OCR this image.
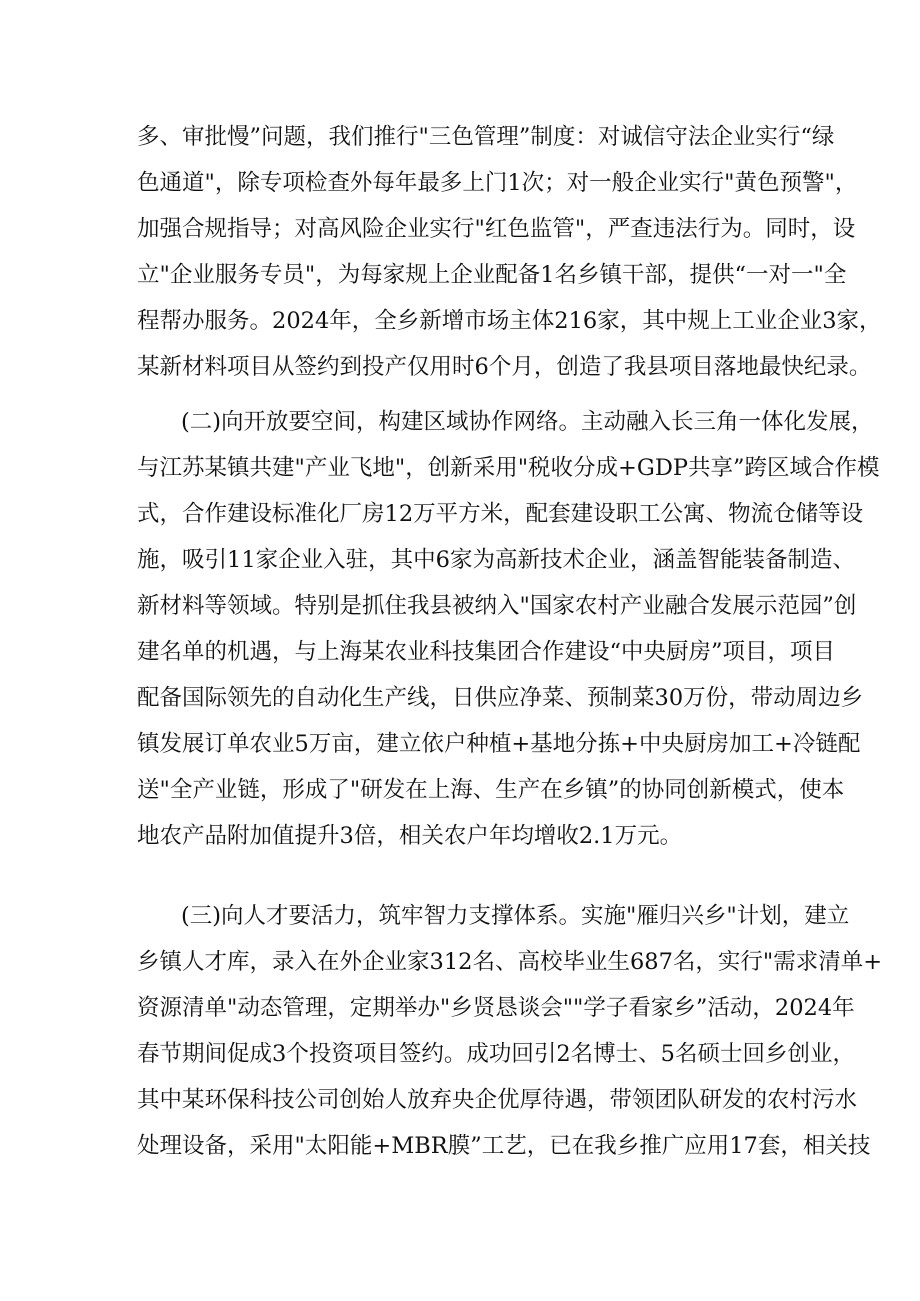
多、审批慢”问题，我们推行"三色管理”制度：对诚信守法企业实行“绿
色通道"，除专项检查外每年最多上门1次；对一般企业实行"黄色预警"，
加强合规指导；对高风险企业实行"红色监管"，严查违法行为。同时，设
立"企业服务专员"，为每家规上企业配备1名乡镇干部，提供“一对一"全
程帮办服务。2024年，全乡新增市场主体216家，其中规上工业企业3家，
某新材料项目从签约到投产仅用时6个月，创造了我县项目落地最快纪录。
(二)向开放要空间，构建区域协作网络。主动融入长三角一体化发展，
与江苏某镇共建"产业飞地"，创新采用"税收分成+GDP共享”跨区域合作模
式，合作建设标准化厂房12万平方米，配套建设职工公寓、物流仓储等设
施，吸引11家企业入驻，其中6家为高新技术企业，涵盖智能装备制造、
新材料等领域。特别是抓住我县被纳入"国家农村产业融合发展示范园”创
建名单的机遇，与上海某农业科技集团合作建设“中央厨房”项目，项目
配备国际领先的自动化生产线，日供应净菜、预制菜30万份，带动周边乡
镇发展订单农业5万亩，建立依户种植+基地分拣+中央厨房加工+冷链配
送"全产业链，形成了"研发在上海、生产在乡镇”的协同创新模式，使本
地农产品附加值提升3倍，相关农户年均增收2.1万元。
(三)向人才要活力，筑牢智力支撑体系。实施"雁归兴乡"计划，建立
乡镇人才库，录入在外企业家312名、高校毕业生687名，实行"需求清单+
资源清单"动态管理，定期举办"乡贤恳谈会""学子看家乡”活动，2024年
春节期间促成3个投资项目签约。成功回引2名博士、5名硕士回乡创业，
其中某环保科技公司创始人放弃央企优厚待遇，带领团队研发的农村污水
处理设备，采用"太阳能+MBR膜”工艺，已在我乡推广应用17套，相关技
